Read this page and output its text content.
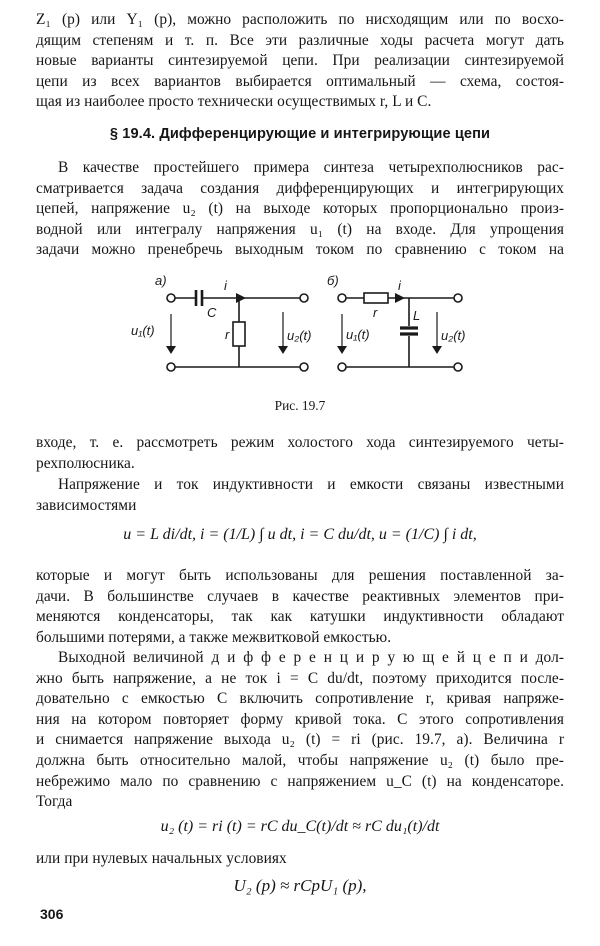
Z₁ (p) или Y₁ (p), можно расположить по нисходящим или по восхо-
дящим степеням и т. п. Все эти различные ходы расчета могут дать
новые варианты синтезируемой цепи. При реализации синтезируемой
цепи из всех вариантов выбирается оптимальный — схема, состоя-
щая из наиболее просто технически осуществимых r, L и C.
§ 19.4. Дифференцирующие и интегрирующие цепи
В качестве простейшего примера синтеза четырехполюсников рас-
сматривается задача создания дифференцирующих и интегрирующих
цепей, напряжение u₂ (t) на выходе которых пропорционально произ-
водной или интегралу напряжения u₁ (t) на входе. Для упрощения
задачи можно пренебречь выходным током по сравнению с током на
а)	б)
C
i
r
u₁(t)	u₂(t)
i
r	L
u₁(t)	u₂(t)
Рис. 19.7
входе, т. е. рассмотреть режим холостого хода синтезируемого четы-
рехполюсника.
Напряжение и ток индуктивности и емкости связаны известными
зависимостями
u = L di/dt, i = (1/L) ∫ u dt, i = C du/dt, u = (1/C) ∫ i dt,
которые и могут быть использованы для решения поставленной за-
дачи. В большинстве случаев в качестве реактивных элементов при-
меняются конденсаторы, так как катушки индуктивности обладают
большими потерями, а также межвитковой емкостью.
Выходной величиной д и ф ф е р е н ц и р у ю щ е й ц е п и дол-
жно быть напряжение, а не ток i = C du/dt, поэтому приходится после-
довательно с емкостью C включить сопротивление r, кривая напряже-
ния на котором повторяет форму кривой тока. С этого сопротивления
и снимается напряжение выхода u₂ (t) = ri (рис. 19.7, а). Величина r
должна быть относительно малой, чтобы напряжение u₂ (t) было пре-
небрежимо мало по сравнению с напряжением u_C (t) на конденсаторе.
Тогда
u₂ (t) = ri (t) = rC du_C(t)/dt ≈ rC du₁(t)/dt
или при нулевых начальных условиях
U₂ (p) ≈ rCpU₁ (p),
306
